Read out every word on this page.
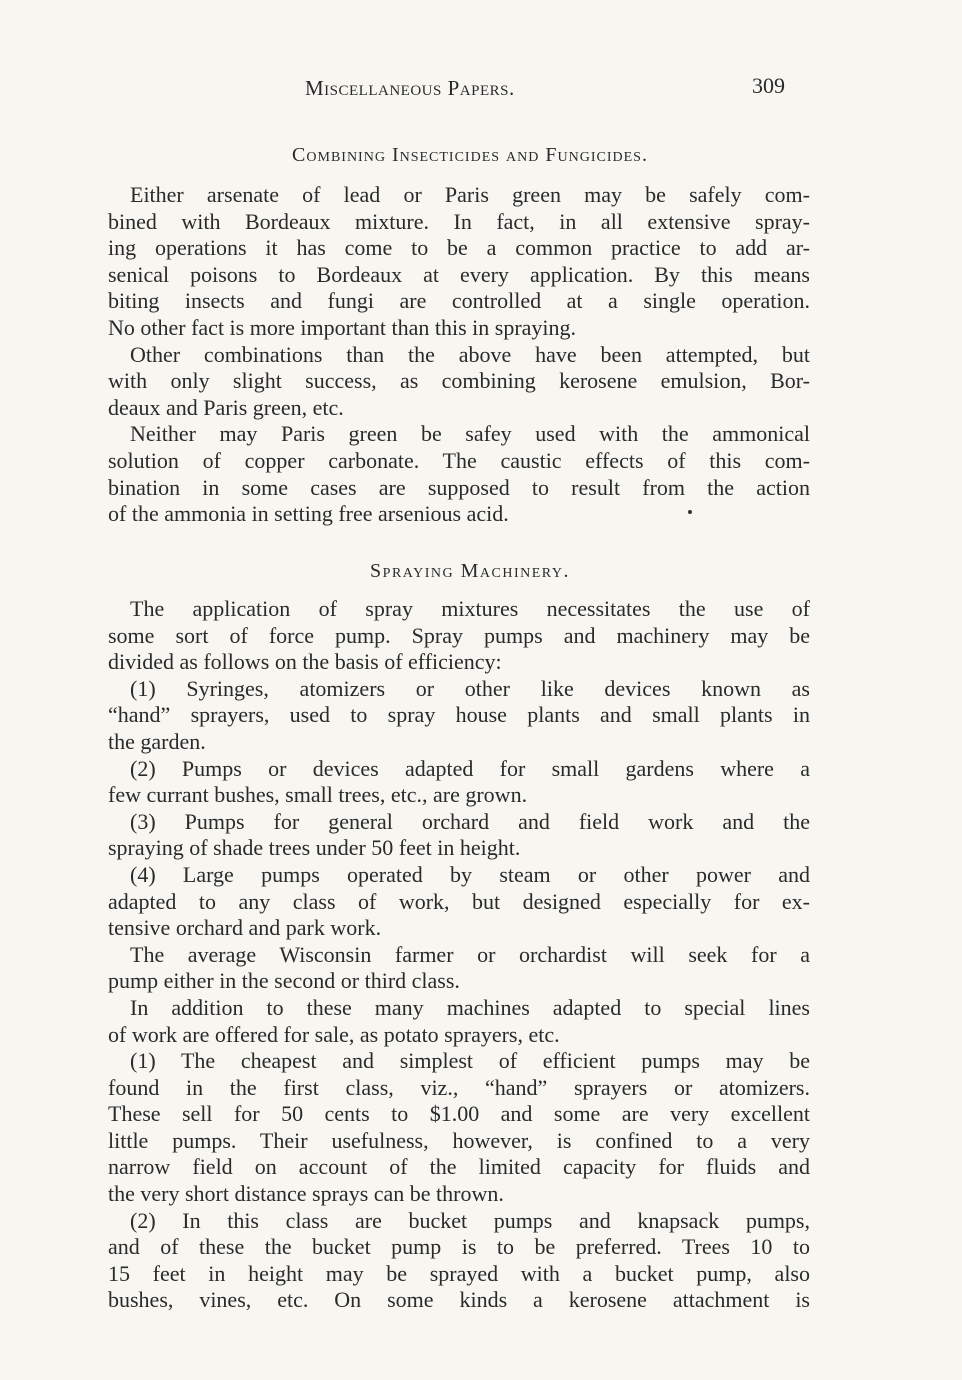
Miscellaneous Papers.	309
Combining Insecticides and Fungicides.
Either arsenate of lead or Paris green may be safely com-
bined with Bordeaux mixture. In fact, in all extensive spray-
ing operations it has come to be a common practice to add ar-
senical poisons to Bordeaux at every application. By this means
biting insects and fungi are controlled at a single operation.
No other fact is more important than this in spraying.
Other combinations than the above have been attempted, but
with only slight success, as combining kerosene emulsion, Bor-
deaux and Paris green, etc.
Neither may Paris green be safey used with the ammonical
solution of copper carbonate. The caustic effects of this com-
bination in some cases are supposed to result from the action
of the ammonia in setting free arsenious acid.
Spraying Machinery.
The application of spray mixtures necessitates the use of
some sort of force pump. Spray pumps and machinery may be
divided as follows on the basis of efficiency:
(1) Syringes, atomizers or other like devices known as
“hand” sprayers, used to spray house plants and small plants in
the garden.
(2) Pumps or devices adapted for small gardens where a
few currant bushes, small trees, etc., are grown.
(3) Pumps for general orchard and field work and the
spraying of shade trees under 50 feet in height.
(4) Large pumps operated by steam or other power and
adapted to any class of work, but designed especially for ex-
tensive orchard and park work.
The average Wisconsin farmer or orchardist will seek for a
pump either in the second or third class.
In addition to these many machines adapted to special lines
of work are offered for sale, as potato sprayers, etc.
(1) The cheapest and simplest of efficient pumps may be
found in the first class, viz., “hand” sprayers or atomizers.
These sell for 50 cents to $1.00 and some are very excellent
little pumps. Their usefulness, however, is confined to a very
narrow field on account of the limited capacity for fluids and
the very short distance sprays can be thrown.
(2) In this class are bucket pumps and knapsack pumps,
and of these the bucket pump is to be preferred. Trees 10 to
15 feet in height may be sprayed with a bucket pump, also
bushes, vines, etc. On some kinds a kerosene attachment is
